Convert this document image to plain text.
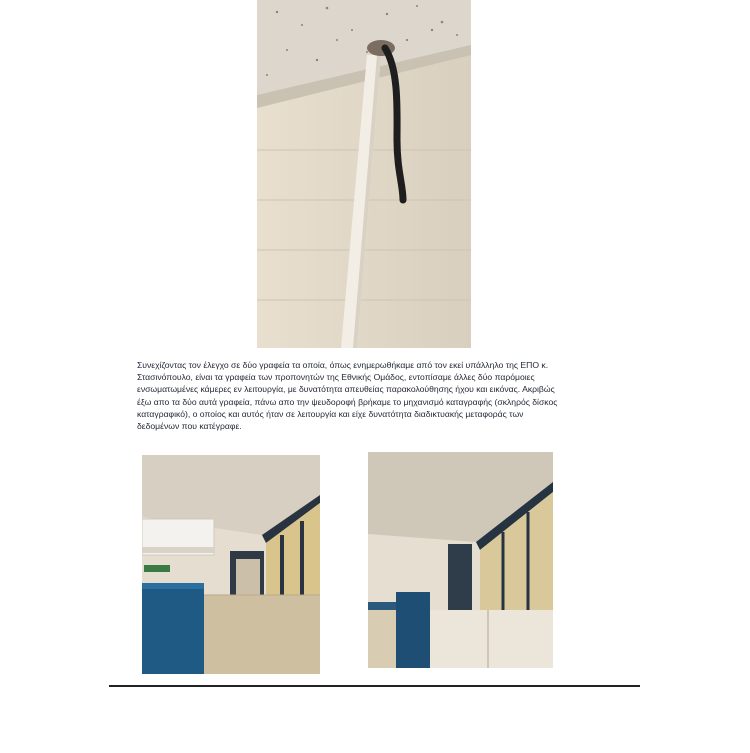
Συνεχίζοντας τον έλεγχο σε δύο γραφεία τα οποία, όπως ενημερωθήκαμε από τον εκεί υπάλληλο της ΕΠΟ κ.
Στασινόπουλο, είναι τα γραφεία των προπονητών της Εθνικής Ομάδος, εντοπίσαμε άλλες δύο παρόμοιες
ενσωματωμένες κάμερες εν λειτουργία, με δυνατότητα απευθείας παρακολούθησης ήχου και εικόνας. Ακριβώς
έξω απο τα δύο αυτά γραφεία, πάνω απο την ψευδοροφή βρήκαμε το μηχανισμό καταγραφής (σκληρός δίσκος
καταγραφικό), ο οποίος και αυτός ήταν σε λειτουργία και είχε δυνατότητα διαδικτυακής μεταφοράς των
δεδομένων που κατέγραφε.
